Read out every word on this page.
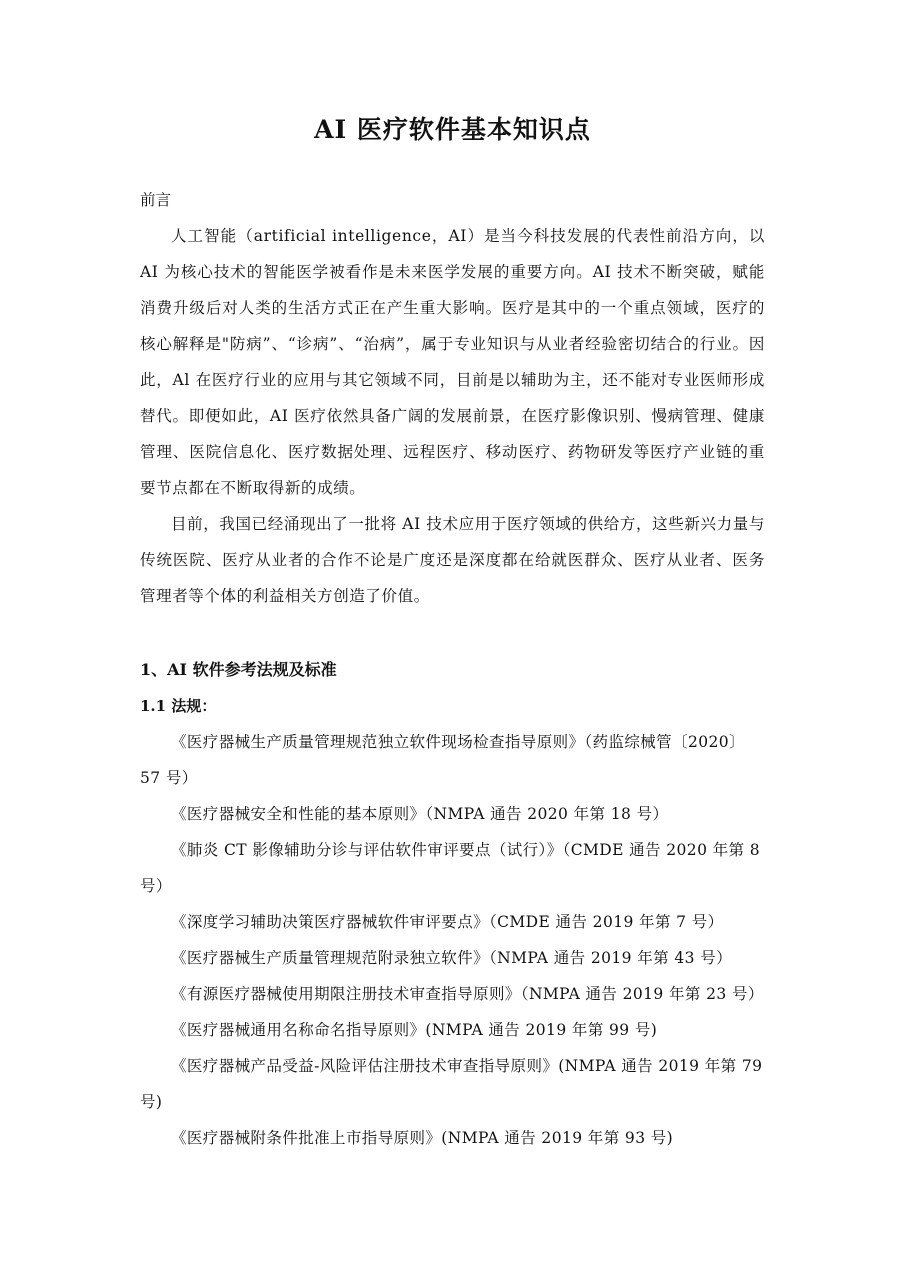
AI 医疗软件基本知识点

前言

人工智能（artificial intelligence，AI）是当今科技发展的代表性前沿方向，以 AI 为核心技术的智能医学被看作是未来医学发展的重要方向。AI 技术不断突破，赋能消费升级后对人类的生活方式正在产生重大影响。医疗是其中的一个重点领域，医疗的核心解释是"防病”、“诊病”、“治病”，属于专业知识与从业者经验密切结合的行业。因此，Al 在医疗行业的应用与其它领域不同，目前是以辅助为主，还不能对专业医师形成替代。即便如此，AI 医疗依然具备广阔的发展前景，在医疗影像识别、慢病管理、健康管理、医院信息化、医疗数据处理、远程医疗、移动医疗、药物研发等医疗产业链的重要节点都在不断取得新的成绩。

目前，我国已经涌现出了一批将 AI 技术应用于医疗领域的供给方，这些新兴力量与传统医院、医疗从业者的合作不论是广度还是深度都在给就医群众、医疗从业者、医务管理者等个体的利益相关方创造了价值。

1、AI 软件参考法规及标准
1.1 法规：
《医疗器械生产质量管理规范独立软件现场检查指导原则》（药监综械管〔2020〕57 号）
《医疗器械安全和性能的基本原则》（NMPA 通告 2020 年第 18 号）
《肺炎 CT 影像辅助分诊与评估软件审评要点（试行）》（CMDE 通告 2020 年第 8 号）
《深度学习辅助决策医疗器械软件审评要点》（CMDE 通告 2019 年第 7 号）
《医疗器械生产质量管理规范附录独立软件》（NMPA 通告 2019 年第 43 号）
《有源医疗器械使用期限注册技术审查指导原则》（NMPA 通告 2019 年第 23 号）
《医疗器械通用名称命名指导原则》(NMPA 通告 2019 年第 99 号)
《医疗器械产品受益-风险评估注册技术审查指导原则》(NMPA 通告 2019 年第 79 号)
《医疗器械附条件批准上市指导原则》(NMPA 通告 2019 年第 93 号)
